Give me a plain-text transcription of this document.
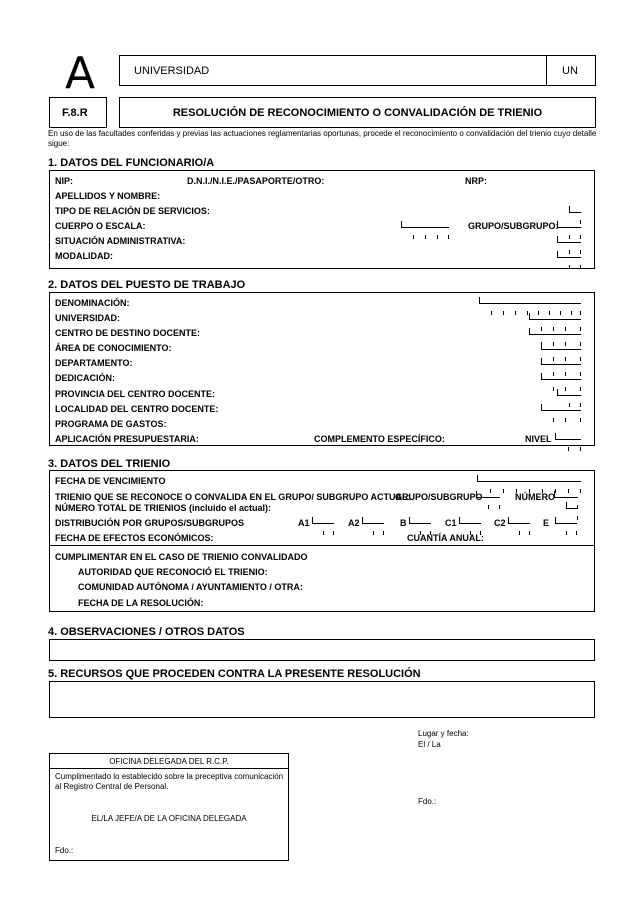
A	UNIVERSIDAD	UN
F.8.R	RESOLUCIÓN DE RECONOCIMIENTO O CONVALIDACIÓN DE TRIENIO
En uso de las facultades conferidas y previas las actuaciones reglamentarias oportunas, procede el reconocimiento o convalidación del trienio cuyo detalle sigue:
1. DATOS DEL FUNCIONARIO/A
NIP:	D.N.I./N.I.E./PASAPORTE/OTRO:	NRP:
APELLIDOS Y NOMBRE:
TIPO DE RELACIÓN DE SERVICIOS:
CUERPO O ESCALA:	GRUPO/SUBGRUPO:
SITUACIÓN ADMINISTRATIVA:
MODALIDAD:
2. DATOS DEL PUESTO DE TRABAJO
DENOMINACIÓN:
UNIVERSIDAD:
CENTRO DE DESTINO DOCENTE:
ÁREA DE CONOCIMIENTO:
DEPARTAMENTO:
DEDICACIÓN:
PROVINCIA DEL CENTRO DOCENTE:
LOCALIDAD DEL CENTRO DOCENTE:
PROGRAMA DE GASTOS:
APLICACIÓN PRESUPUESTARIA:	COMPLEMENTO ESPECÍFICO:	NIVEL
3. DATOS DEL TRIENIO
FECHA DE VENCIMIENTO
TRIENIO QUE SE RECONOCE O CONVALIDA EN EL GRUPO/ SUBGRUPO ACTUAL:
GRUPO/SUBGRUPO	NÚMERO
NÚMERO TOTAL DE TRIENIOS (incluido el actual):
DISTRIBUCIÓN POR GRUPOS/SUBGRUPOS	A1	A2	B	C1	C2	E
FECHA DE EFECTOS ECONÓMICOS:	CUANTÍA ANUAL:
CUMPLIMENTAR EN EL CASO DE TRIENIO CONVALIDADO
AUTORIDAD QUE RECONOCIÓ EL TRIENIO:
COMUNIDAD AUTÓNOMA / AYUNTAMIENTO / OTRA:
FECHA DE LA RESOLUCIÓN:
4. OBSERVACIONES / OTROS DATOS
5. RECURSOS QUE PROCEDEN CONTRA LA PRESENTE RESOLUCIÓN
Lugar y fecha:
El / La
Fdo.:
OFICINA DELEGADA DEL R.C.P.
Cumplimentado lo establecido sobre la preceptiva comunicación al Registro Central de Personal.
EL/LA JEFE/A DE LA OFICINA DELEGADA
Fdo.:
